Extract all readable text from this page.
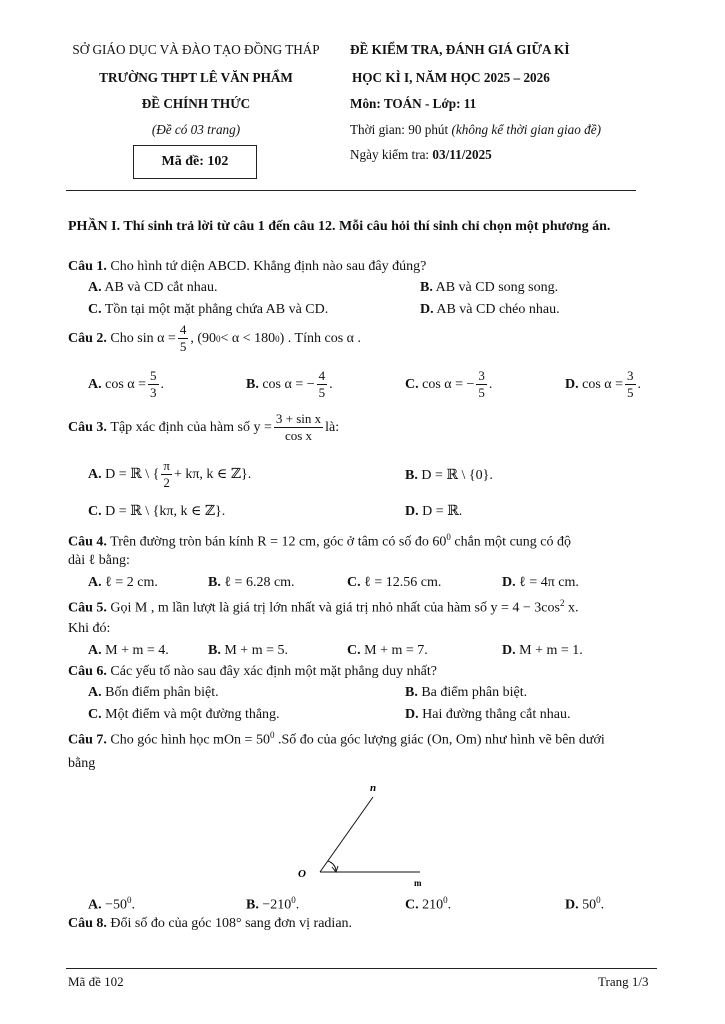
SỞ GIÁO DỤC VÀ ĐÀO TẠO ĐỒNG THÁP
TRƯỜNG THPT LÊ VĂN PHẨM
ĐỀ CHÍNH THỨC
(Đề có 03 trang)
Mã đề: 102
ĐỀ KIỂM TRA, ĐÁNH GIÁ GIỮA KÌ
HỌC KÌ I, NĂM HỌC 2025 – 2026
Môn: TOÁN - Lớp: 11
Thời gian: 90 phút (không kể thời gian giao đề)
Ngày kiểm tra: 03/11/2025
PHẦN I. Thí sinh trả lời từ câu 1 đến câu 12. Mỗi câu hỏi thí sinh chỉ chọn một phương án.
Câu 1. Cho hình tứ diện ABCD. Khẳng định nào sau đây đúng?
A. AB và CD cắt nhau.	B. AB và CD song song.
C. Tồn tại một mặt phẳng chứa AB và CD.	D. AB và CD chéo nhau.
Câu 2.
Cho $\sin \alpha = \frac{4}{5}$ , (90 0 < α < 180 0 ) . Tính cos α .
A.
$\cos \alpha = \frac{5}{3}$ .	B.
cos α = − $\frac{4}{5}$ .	C.
cos α = − $\frac{3}{5}$ .	D.
$\cos \alpha = \frac{3}{5}$ .
Câu 3.
Tập xác định của hàm số $y = \frac{\text{3 + sin x}}{\text{cos x}}$ là:
A.
D = ℝ \ { $\frac{\pi}{2} + k\pi$, k ∈ ℤ}.	B. D = ℝ \ {0}.
C. D = ℝ \ {kπ, k ∈ ℤ}.	D. D = ℝ.
Câu 4. Trên đường tròn bán kính R = 12 cm, góc ở tâm có số đo $60^0$ chắn một cung có độ
dài ℓ bằng:
A. ℓ = 2 cm.	B. ℓ = 6.28 cm.	C. ℓ = 12.56 cm.	D. ℓ = 4π cm.
Câu 5. Gọi M , m lần lượt là giá trị lớn nhất và giá trị nhỏ nhất của hàm số $y = 4 - 3\cos^2$ x.
Khi đó:
A. M + m = 4.	B. M + m = 5.	C. M + m = 7.	D. M + m = 1.
Câu 6. Các yếu tố nào sau đây xác định một mặt phẳng duy nhất?
A. Bốn điểm phân biệt.	B. Ba điểm phân biệt.
C. Một điểm và một đường thẳng.	D. Hai đường thẳng cắt nhau.
Câu 7. Cho góc hình học mOn = $50^0$ .Số đo của góc lượng giác (On, Om) như hình vẽ bên dưới
bằng
n
O
m
A. $-50^0$.	B. $-210^0$.	C. $210^0$.	D. $50^0$.
Câu 8. Đổi số đo của góc 108° sang đơn vị radian.
Mã đề 102	Trang 1/3
